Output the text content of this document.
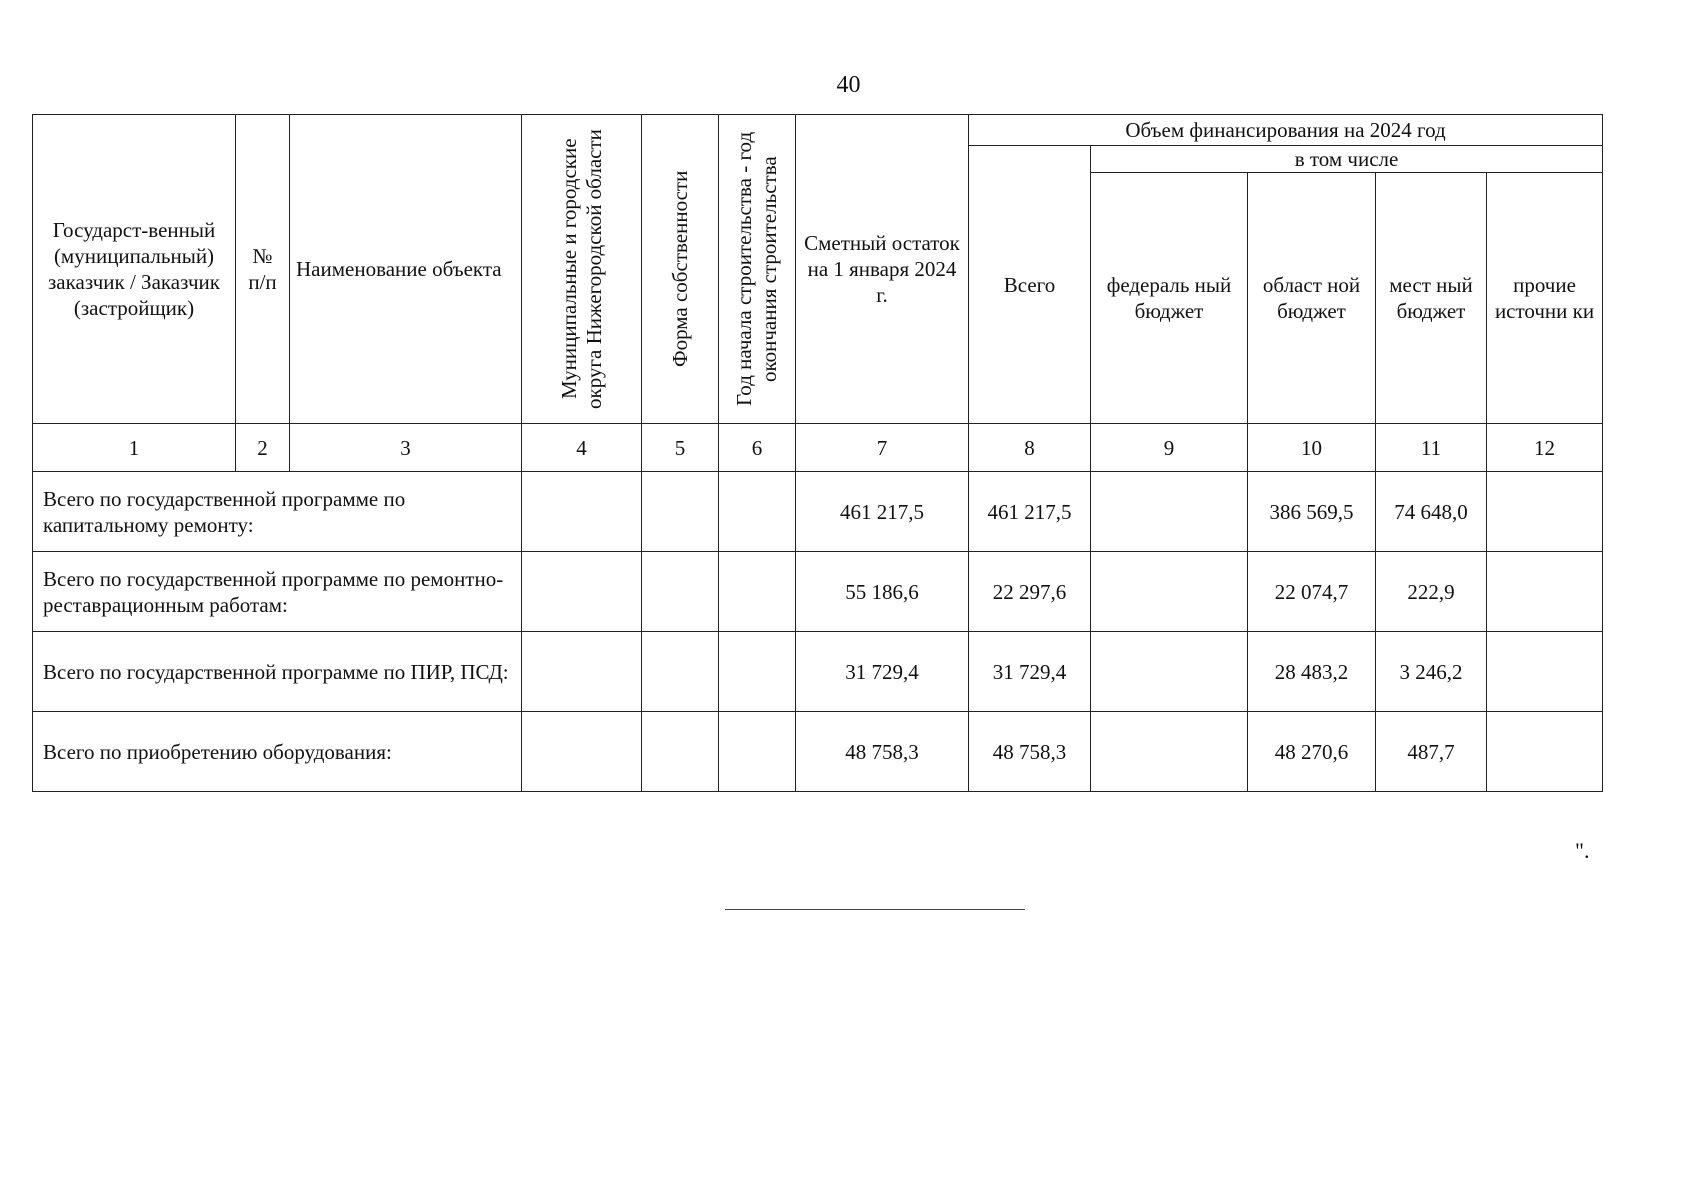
40
Государст-венный (муниципальный) заказчик / Заказчик (застройщик)	№ п/п	Наименование объекта	Муниципальные и городские округа Нижегородской области	Форма собственности	Год начала строительства - год окончания строительства	Сметный остаток на 1 января 2024 г.	Объем финансирования на 2024 год				
							Всего	в том числе			
								федераль ный бюджет	област ной бюджет	мест ный бюджет	прочие источни ки
1	2	3	4	5	6	7	8	9	10	11	12
Всего по государственной программе по капитальному ремонту:						461 217,5	461 217,5		386 569,5	74 648,0	
Всего по государственной программе по ремонтно-реставрационным работам:						55 186,6	22 297,6		22 074,7	222,9	
Всего по государственной программе по ПИР, ПСД:						31 729,4	31 729,4		28 483,2	3 246,2	
Всего по приобретению оборудования:						48 758,3	48 758,3		48 270,6	487,7	
".
